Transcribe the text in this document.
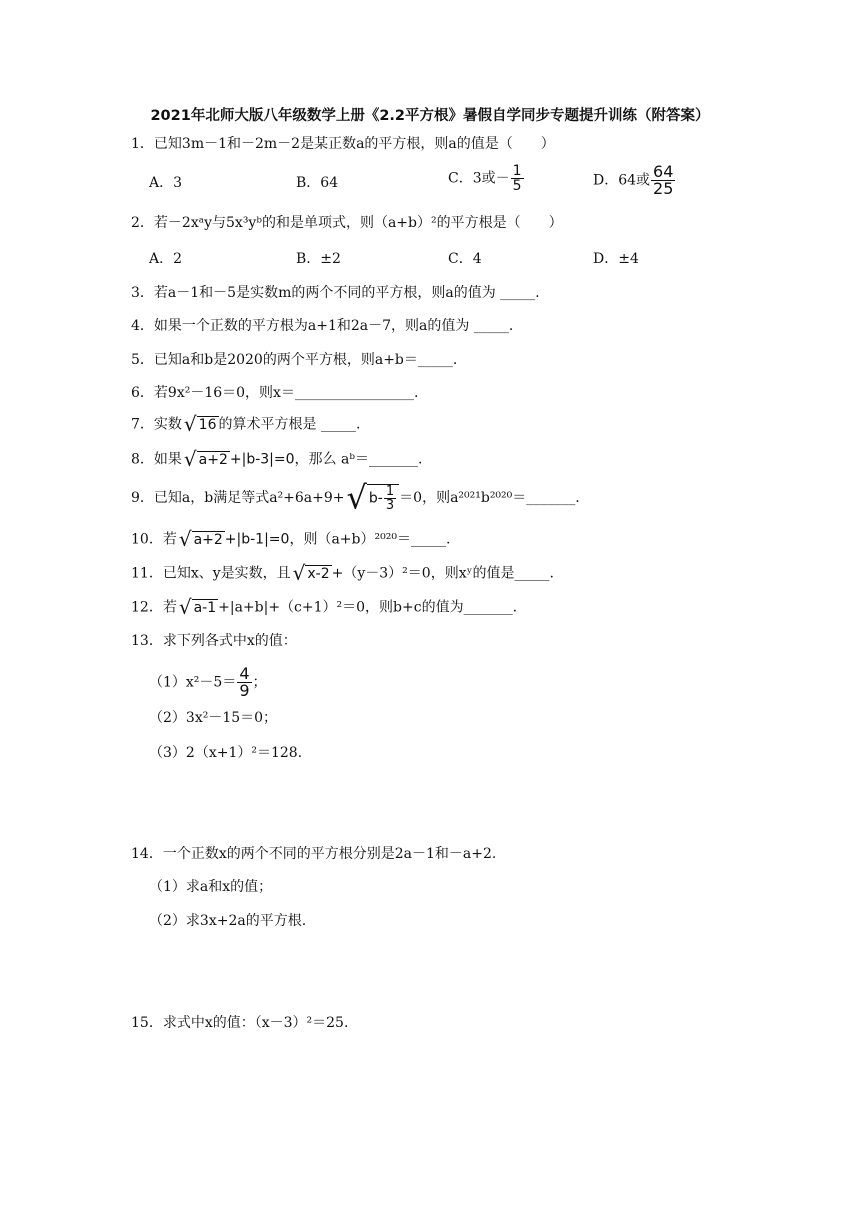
2021年北师大版八年级数学上册《2.2平方根》暑假自学同步专题提升训练（附答案）
1．已知3m－1和－2m－2是某正数a的平方根，则a的值是（　　）
A．3	B．64	C．3或－ $\frac{1}{5}$	D．64或 $\frac{64}{25}$
2．若－2xᵃy与5x³yᵇ的和是单项式，则（a+b）²的平方根是（　　）
A．2	B．±2	C．4	D．±4
3．若a－1和－5是实数m的两个不同的平方根，则a的值为 _____.
4．如果一个正数的平方根为a+1和2a－7，则a的值为 _____.
5．已知a和b是2020的两个平方根，则a+b＝_____.
6．若9x²－16＝0，则x＝_________________.
7．实数 √ 16 的算术平方根是 _____.
8．如果 √ a+2 +|b-3|=0，那么 aᵇ＝_______.
9．已知a，b满足等式a²+6a+9+√ $b- \frac{1}{3} =0$，则a²⁰²¹b²⁰²⁰＝_______.
10．若 √ a+2 +|b-1|=0，则（a+b）²⁰²⁰＝_____.
11．已知x、y是实数，且 √ x-2 +（y－3）²＝0，则xʸ的值是_____.
12．若 √ a-1 +|a+b|+（c+1）²＝0，则b+c的值为_______.
13．求下列各式中x的值：
$(1)x^2-5= \frac{4}{9}$ ；
（2）3x²－15＝0；
（3）2（x+1）²＝128.
14．一个正数x的两个不同的平方根分别是2a－1和－a+2.
（1）求a和x的值；
（2）求3x+2a的平方根.
15．求式中x的值：（x－3）²＝25.
